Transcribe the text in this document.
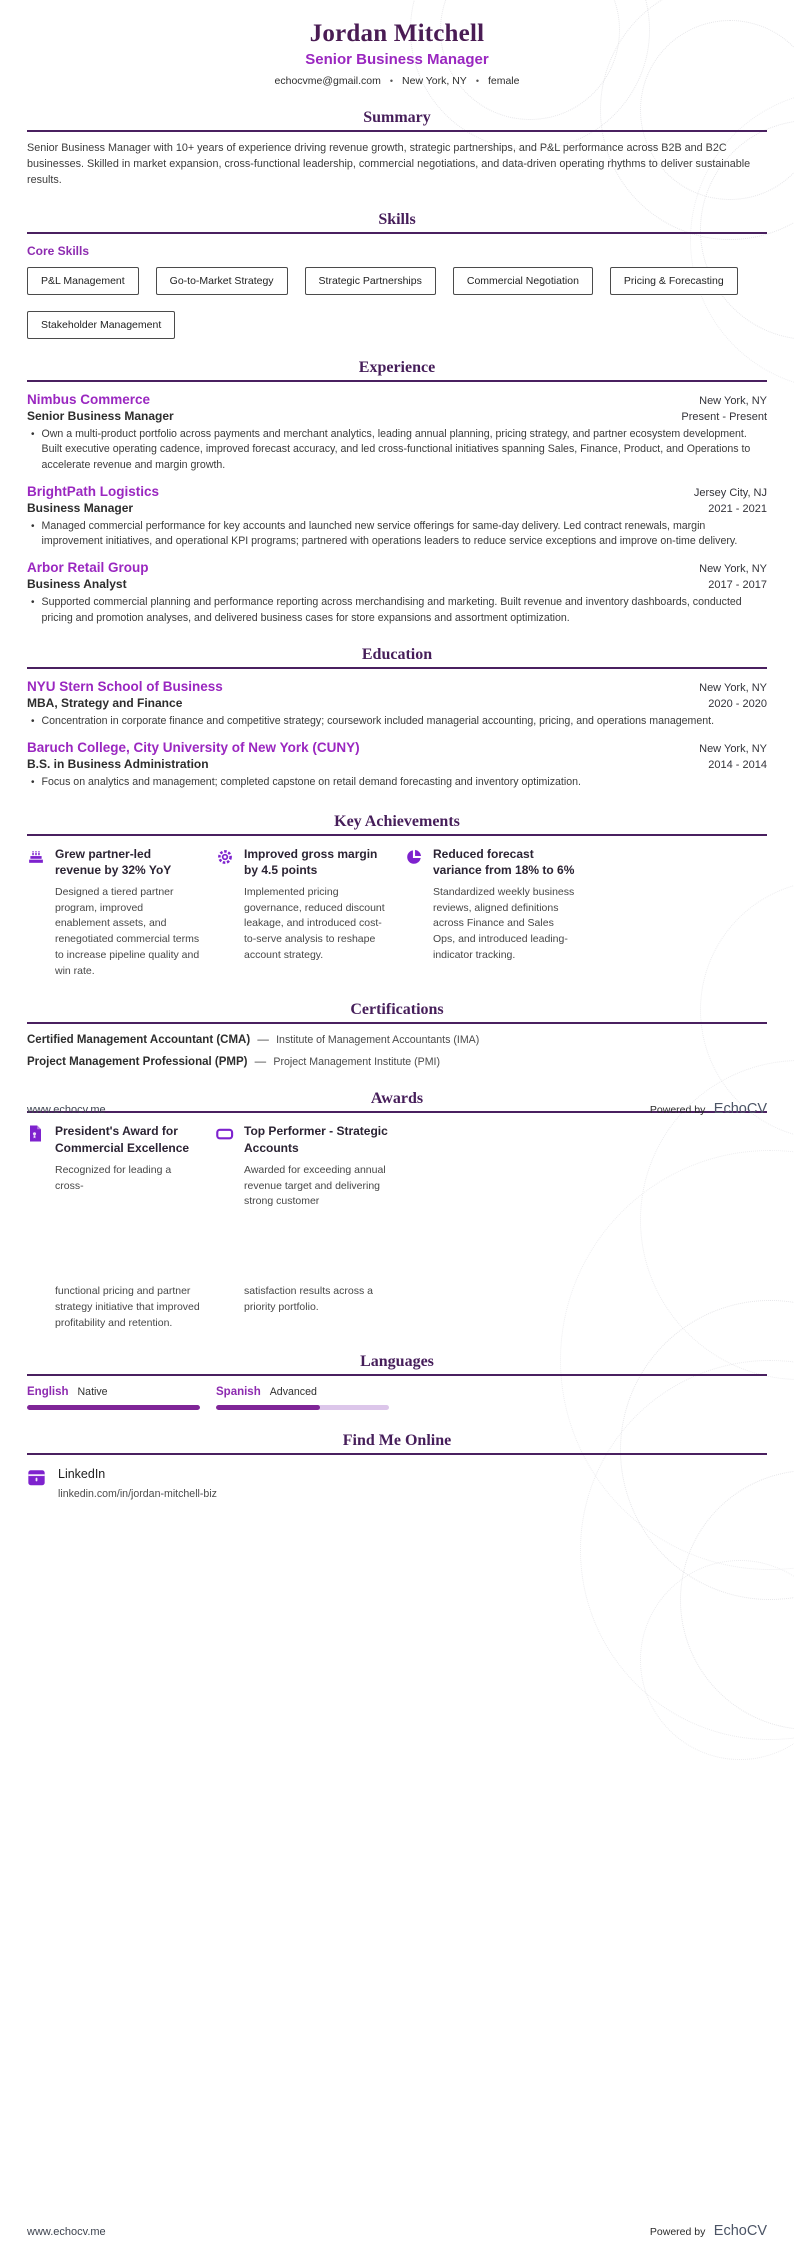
Jordan Mitchell
Senior Business Manager
echocvme@gmail.com • New York, NY • female
Summary
Senior Business Manager with 10+ years of experience driving revenue growth, strategic partnerships, and P&L performance across B2B and B2C businesses. Skilled in market expansion, cross-functional leadership, commercial negotiations, and data-driven operating rhythms to deliver sustainable results.
Skills
Core Skills
P&L Management	Go-to-Market Strategy	Strategic Partnerships	Commercial Negotiation	Pricing & Forecasting
Stakeholder Management
Experience
Nimbus Commerce	New York, NY
Senior Business Manager	Present - Present
• Own a multi-product portfolio across payments and merchant analytics, leading annual planning, pricing strategy, and partner ecosystem development. Built executive operating cadence, improved forecast accuracy, and led cross-functional initiatives spanning Sales, Finance, Product, and Operations to accelerate revenue and margin growth.
BrightPath Logistics	Jersey City, NJ
Business Manager	2021 - 2021
• Managed commercial performance for key accounts and launched new service offerings for same-day delivery. Led contract renewals, margin improvement initiatives, and operational KPI programs; partnered with operations leaders to reduce service exceptions and improve on-time delivery.
Arbor Retail Group	New York, NY
Business Analyst	2017 - 2017
• Supported commercial planning and performance reporting across merchandising and marketing. Built revenue and inventory dashboards, conducted pricing and promotion analyses, and delivered business cases for store expansions and assortment optimization.
Education
NYU Stern School of Business	New York, NY
MBA, Strategy and Finance	2020 - 2020
• Concentration in corporate finance and competitive strategy; coursework included managerial accounting, pricing, and operations management.
Baruch College, City University of New York (CUNY)	New York, NY
B.S. in Business Administration	2014 - 2014
• Focus on analytics and management; completed capstone on retail demand forecasting and inventory optimization.
Key Achievements
Grew partner-led revenue by 32% YoY
Designed a tiered partner program, improved enablement assets, and renegotiated commercial terms to increase pipeline quality and win rate.
Improved gross margin by 4.5 points
Implemented pricing governance, reduced discount leakage, and introduced cost-to-serve analysis to reshape account strategy.
Reduced forecast variance from 18% to 6%
Standardized weekly business reviews, aligned definitions across Finance and Sales Ops, and introduced leading-indicator tracking.
Certifications
Certified Management Accountant (CMA) — Institute of Management Accountants (IMA)
Project Management Professional (PMP) — Project Management Institute (PMI)
Awards
President's Award for Commercial Excellence
Recognized for leading a cross-
Top Performer - Strategic Accounts
Awarded for exceeding annual revenue target and delivering strong customer
functional pricing and partner strategy initiative that improved profitability and retention.
satisfaction results across a priority portfolio.
Languages
English Native	Spanish Advanced
Find Me Online
LinkedIn
linkedin.com/in/jordan-mitchell-biz
www.echocv.me	Powered by EchoCV
www.echocv.me	Powered by EchoCV
